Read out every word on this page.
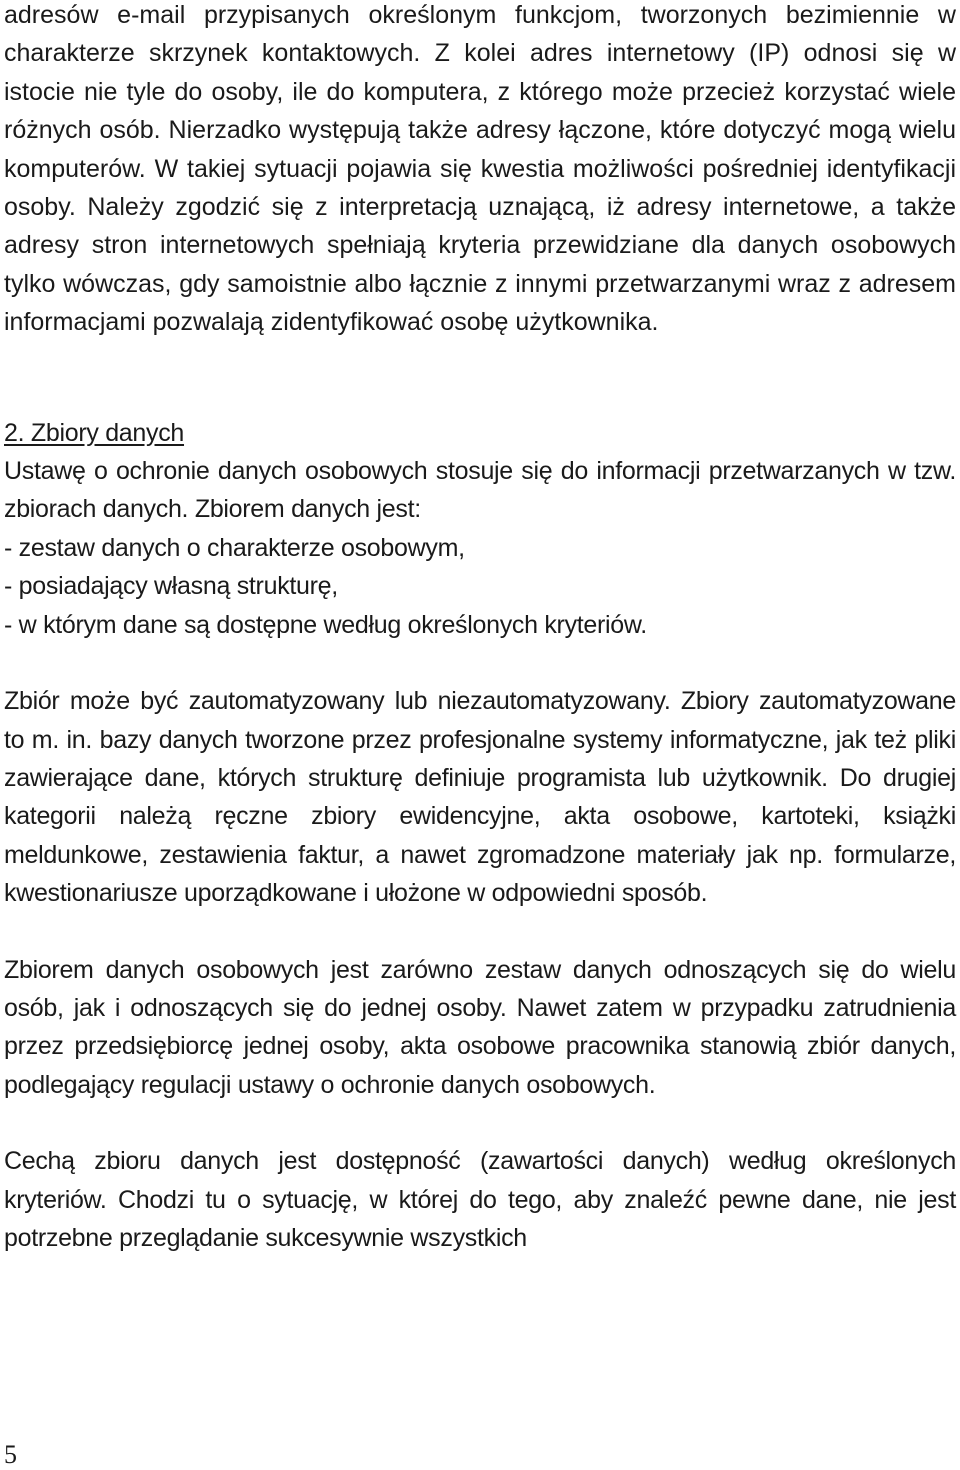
adresów e-mail przypisanych określonym funkcjom, tworzonych bezimiennie w charakterze skrzynek kontaktowych. Z kolei adres internetowy (IP) odnosi się w istocie nie tyle do osoby, ile do komputera, z którego może przecież korzystać wiele różnych osób. Nierzadko występują także adresy łączone, które dotyczyć mogą wielu komputerów. W takiej sytuacji pojawia się kwestia możliwości pośredniej identyfikacji osoby. Należy zgodzić się z interpretacją uznającą, iż adresy internetowe, a także adresy stron internetowych spełniają kryteria przewidziane dla danych osobowych tylko wówczas, gdy samoistnie albo łącznie z innymi przetwarzanymi wraz z adresem informacjami pozwalają zidentyfikować osobę użytkownika.

2. Zbiory danych

Ustawę o ochronie danych osobowych stosuje się do informacji przetwarzanych w tzw. zbiorach danych. Zbiorem danych jest:

- zestaw danych o charakterze osobowym,

- posiadający własną strukturę,

- w którym dane są dostępne według określonych kryteriów.

Zbiór może być zautomatyzowany lub niezautomatyzowany. Zbiory zautomatyzowane to m. in. bazy danych tworzone przez profesjonalne systemy informatyczne, jak też pliki zawierające dane, których strukturę definiuje programista lub użytkownik. Do drugiej kategorii należą ręczne zbiory ewidencyjne, akta osobowe, kartoteki, książki meldunkowe, zestawienia faktur, a nawet zgromadzone materiały jak np. formularze, kwestionariusze uporządkowane i ułożone w odpowiedni sposób.

Zbiorem danych osobowych jest zarówno zestaw danych odnoszących się do wielu osób, jak i odnoszących się do jednej osoby. Nawet zatem w przypadku zatrudnienia przez przedsiębiorcę jednej osoby, akta osobowe pracownika stanowią zbiór danych, podlegający regulacji ustawy o ochronie danych osobowych.

Cechą zbioru danych jest dostępność (zawartości danych) według określonych kryteriów. Chodzi tu o sytuację, w której do tego, aby znaleźć pewne dane, nie jest potrzebne przeglądanie sukcesywnie wszystkich

5
